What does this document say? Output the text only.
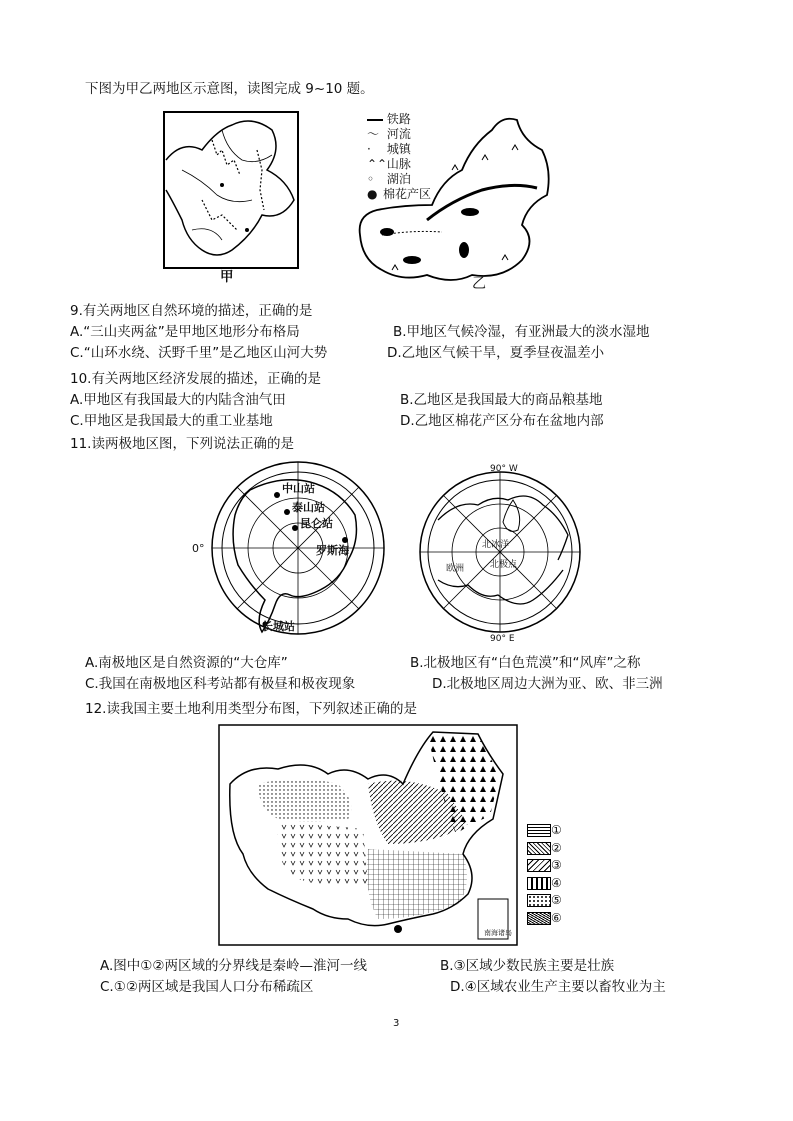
下图为甲乙两地区示意图，读图完成 9~10 题。
甲	乙
铁路
～ 河流
· 城镇
⌃⌃ 山脉
◦ 湖泊
● 棉花产区
9.有关两地区自然环境的描述，正确的是
A.“三山夹两盆”是甲地区地形分布格局	B.甲地区气候冷湿，有亚洲最大的淡水湿地
C.“山环水绕、沃野千里”是乙地区山河大势	D.乙地区气候干旱，夏季昼夜温差小
10.有关两地区经济发展的描述，正确的是
A.甲地区有我国最大的内陆含油气田	B.乙地区是我国最大的商品粮基地
C.甲地区是我国最大的重工业基地	D.乙地区棉花产区分布在盆地内部
11.读两极地区图，下列说法正确的是
中山站
泰山站
昆仑站
罗斯海
长城站
0°
90° W
90° E
北极点
欧洲
北冰洋
A.南极地区是自然资源的“大仓库”	B.北极地区有“白色荒漠”和“风库”之称
C.我国在南极地区科考站都有极昼和极夜现象	D.北极地区周边大洲为亚、欧、非三洲
12.读我国主要土地利用类型分布图，下列叙述正确的是
南海诸岛
①
②
③
④
⑤
⑥
A.图中①②两区域的分界线是秦岭—淮河一线	B.③区域少数民族主要是壮族
C.①②两区域是我国人口分布稀疏区	D.④区域农业生产主要以畜牧业为主
3
